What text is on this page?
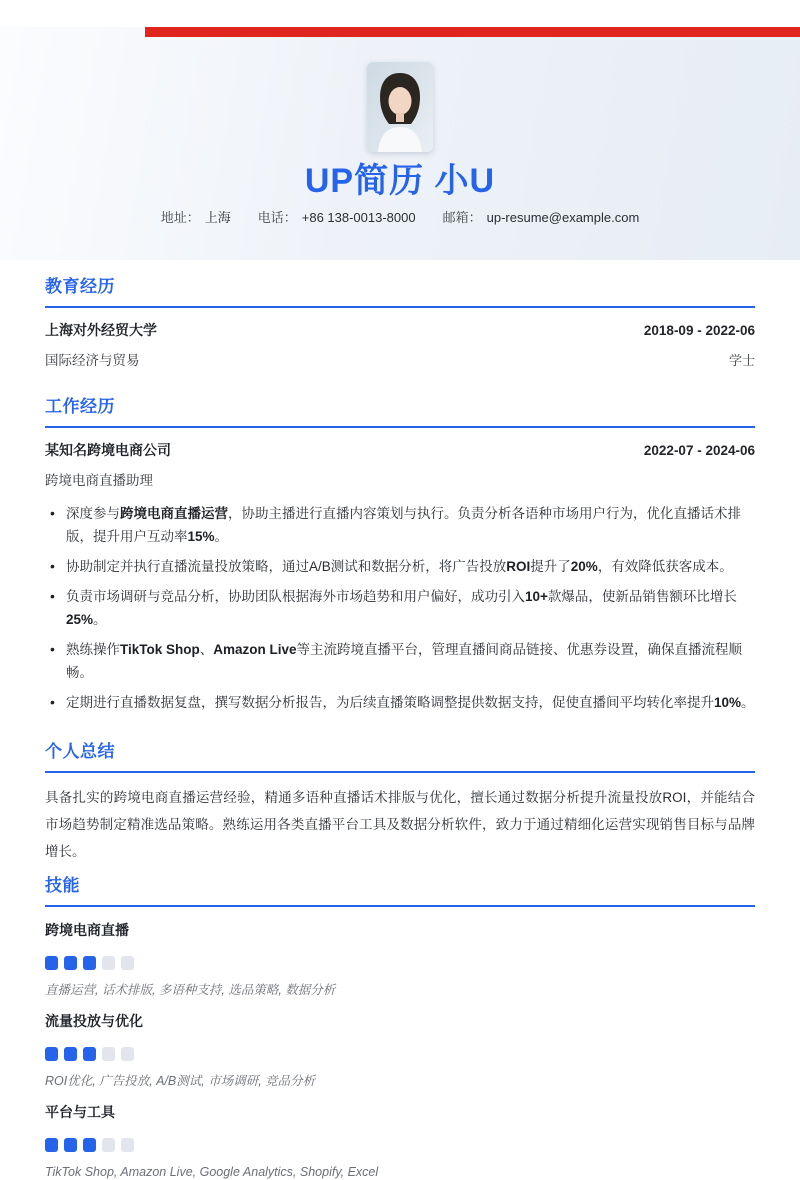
UP简历 小U
地址： 上海 电话： +86 138-0013-8000 邮箱： up-resume@example.com
教育经历
上海对外经贸大学	2018-09 - 2022-06
国际经济与贸易	学士
工作经历
某知名跨境电商公司	2022-07 - 2024-06
跨境电商直播助理
• 深度参与跨境电商直播运营，协助主播进行直播内容策划与执行。负责分析各语种市场用户行为，优化直播话术排版，提升用户互动率15%。
• 协助制定并执行直播流量投放策略，通过A/B测试和数据分析，将广告投放ROI提升了20%，有效降低获客成本。
• 负责市场调研与竞品分析，协助团队根据海外市场趋势和用户偏好，成功引入10+款爆品，使新品销售额环比增长25%。
• 熟练操作TikTok Shop、Amazon Live等主流跨境直播平台，管理直播间商品链接、优惠券设置，确保直播流程顺畅。
• 定期进行直播数据复盘，撰写数据分析报告，为后续直播策略调整提供数据支持，促使直播间平均转化率提升10%。
个人总结
具备扎实的跨境电商直播运营经验，精通多语种直播话术排版与优化，擅长通过数据分析提升流量投放ROI，并能结合市场趋势制定精准选品策略。熟练运用各类直播平台工具及数据分析软件，致力于通过精细化运营实现销售目标与品牌增长。
技能
跨境电商直播
直播运营, 话术排版, 多语种支持, 选品策略, 数据分析
流量投放与优化
ROI优化, 广告投放, A/B测试, 市场调研, 竞品分析
平台与工具
TikTok Shop, Amazon Live, Google Analytics, Shopify, Excel
